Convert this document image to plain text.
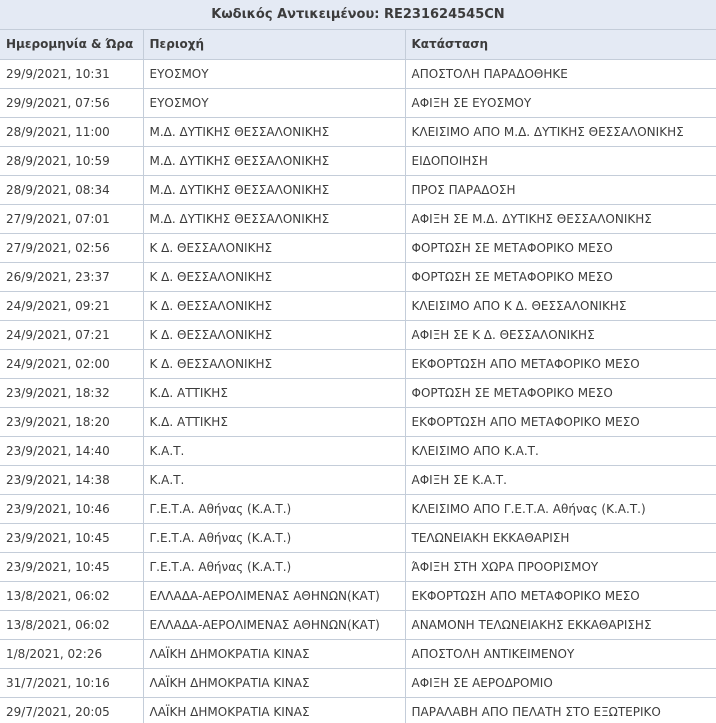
Κωδικός Αντικειμένου: RE231624545CN
Ημερομηνία & Ώρα	Περιοχή	Κατάσταση
29/9/2021, 10:31	ΕΥΟΣΜΟΥ	ΑΠΟΣΤΟΛΗ ΠΑΡΑΔΟΘΗΚΕ
29/9/2021, 07:56	ΕΥΟΣΜΟΥ	ΑΦΙΞΗ ΣΕ ΕΥΟΣΜΟΥ
28/9/2021, 11:00	Μ.Δ. ΔΥΤΙΚΗΣ ΘΕΣΣΑΛΟΝΙΚΗΣ	ΚΛΕΙΣΙΜΟ ΑΠΟ Μ.Δ. ΔΥΤΙΚΗΣ ΘΕΣΣΑΛΟΝΙΚΗΣ
28/9/2021, 10:59	Μ.Δ. ΔΥΤΙΚΗΣ ΘΕΣΣΑΛΟΝΙΚΗΣ	ΕΙΔΟΠΟΙΗΣΗ
28/9/2021, 08:34	Μ.Δ. ΔΥΤΙΚΗΣ ΘΕΣΣΑΛΟΝΙΚΗΣ	ΠΡΟΣ ΠΑΡΑΔΟΣΗ
27/9/2021, 07:01	Μ.Δ. ΔΥΤΙΚΗΣ ΘΕΣΣΑΛΟΝΙΚΗΣ	ΑΦΙΞΗ ΣΕ Μ.Δ. ΔΥΤΙΚΗΣ ΘΕΣΣΑΛΟΝΙΚΗΣ
27/9/2021, 02:56	Κ Δ. ΘΕΣΣΑΛΟΝΙΚΗΣ	ΦΟΡΤΩΣΗ ΣΕ ΜΕΤΑΦΟΡΙΚΟ ΜΕΣΟ
26/9/2021, 23:37	Κ Δ. ΘΕΣΣΑΛΟΝΙΚΗΣ	ΦΟΡΤΩΣΗ ΣΕ ΜΕΤΑΦΟΡΙΚΟ ΜΕΣΟ
24/9/2021, 09:21	Κ Δ. ΘΕΣΣΑΛΟΝΙΚΗΣ	ΚΛΕΙΣΙΜΟ ΑΠΟ Κ Δ. ΘΕΣΣΑΛΟΝΙΚΗΣ
24/9/2021, 07:21	Κ Δ. ΘΕΣΣΑΛΟΝΙΚΗΣ	ΑΦΙΞΗ ΣΕ Κ Δ. ΘΕΣΣΑΛΟΝΙΚΗΣ
24/9/2021, 02:00	Κ Δ. ΘΕΣΣΑΛΟΝΙΚΗΣ	ΕΚΦΟΡΤΩΣΗ ΑΠΟ ΜΕΤΑΦΟΡΙΚΟ ΜΕΣΟ
23/9/2021, 18:32	Κ.Δ. ΑΤΤΙΚΗΣ	ΦΟΡΤΩΣΗ ΣΕ ΜΕΤΑΦΟΡΙΚΟ ΜΕΣΟ
23/9/2021, 18:20	Κ.Δ. ΑΤΤΙΚΗΣ	ΕΚΦΟΡΤΩΣΗ ΑΠΟ ΜΕΤΑΦΟΡΙΚΟ ΜΕΣΟ
23/9/2021, 14:40	Κ.Α.Τ.	ΚΛΕΙΣΙΜΟ ΑΠΟ Κ.Α.Τ.
23/9/2021, 14:38	Κ.Α.Τ.	ΑΦΙΞΗ ΣΕ Κ.Α.Τ.
23/9/2021, 10:46	Γ.Ε.Τ.Α. Αθήνας (Κ.Α.Τ.)	ΚΛΕΙΣΙΜΟ ΑΠΟ Γ.Ε.Τ.Α. Αθήνας (Κ.Α.Τ.)
23/9/2021, 10:45	Γ.Ε.Τ.Α. Αθήνας (Κ.Α.Τ.)	ΤΕΛΩΝΕΙΑΚΗ ΕΚΚΑΘΑΡΙΣΗ
23/9/2021, 10:45	Γ.Ε.Τ.Α. Αθήνας (Κ.Α.Τ.)	ΆΦΙΞΗ ΣΤΗ ΧΩΡΑ ΠΡΟΟΡΙΣΜΟΥ
13/8/2021, 06:02	ΕΛΛΑΔΑ-ΑΕΡΟΛΙΜΕΝΑΣ ΑΘΗΝΩΝ(ΚΑΤ)	ΕΚΦΟΡΤΩΣΗ ΑΠΟ ΜΕΤΑΦΟΡΙΚΟ ΜΕΣΟ
13/8/2021, 06:02	ΕΛΛΑΔΑ-ΑΕΡΟΛΙΜΕΝΑΣ ΑΘΗΝΩΝ(ΚΑΤ)	ΑΝΑΜΟΝΗ ΤΕΛΩΝΕΙΑΚΗΣ ΕΚΚΑΘΑΡΙΣΗΣ
1/8/2021, 02:26	ΛΑΪΚΗ ΔΗΜΟΚΡΑΤΙΑ ΚΙΝΑΣ	ΑΠΟΣΤΟΛΗ ΑΝΤΙΚΕΙΜΕΝΟΥ
31/7/2021, 10:16	ΛΑΪΚΗ ΔΗΜΟΚΡΑΤΙΑ ΚΙΝΑΣ	ΑΦΙΞΗ ΣΕ ΑΕΡΟΔΡΟΜΙΟ
29/7/2021, 20:05	ΛΑΪΚΗ ΔΗΜΟΚΡΑΤΙΑ ΚΙΝΑΣ	ΠΑΡΑΛΑΒΗ ΑΠΟ ΠΕΛΑΤΗ ΣΤΟ ΕΞΩΤΕΡΙΚΟ
